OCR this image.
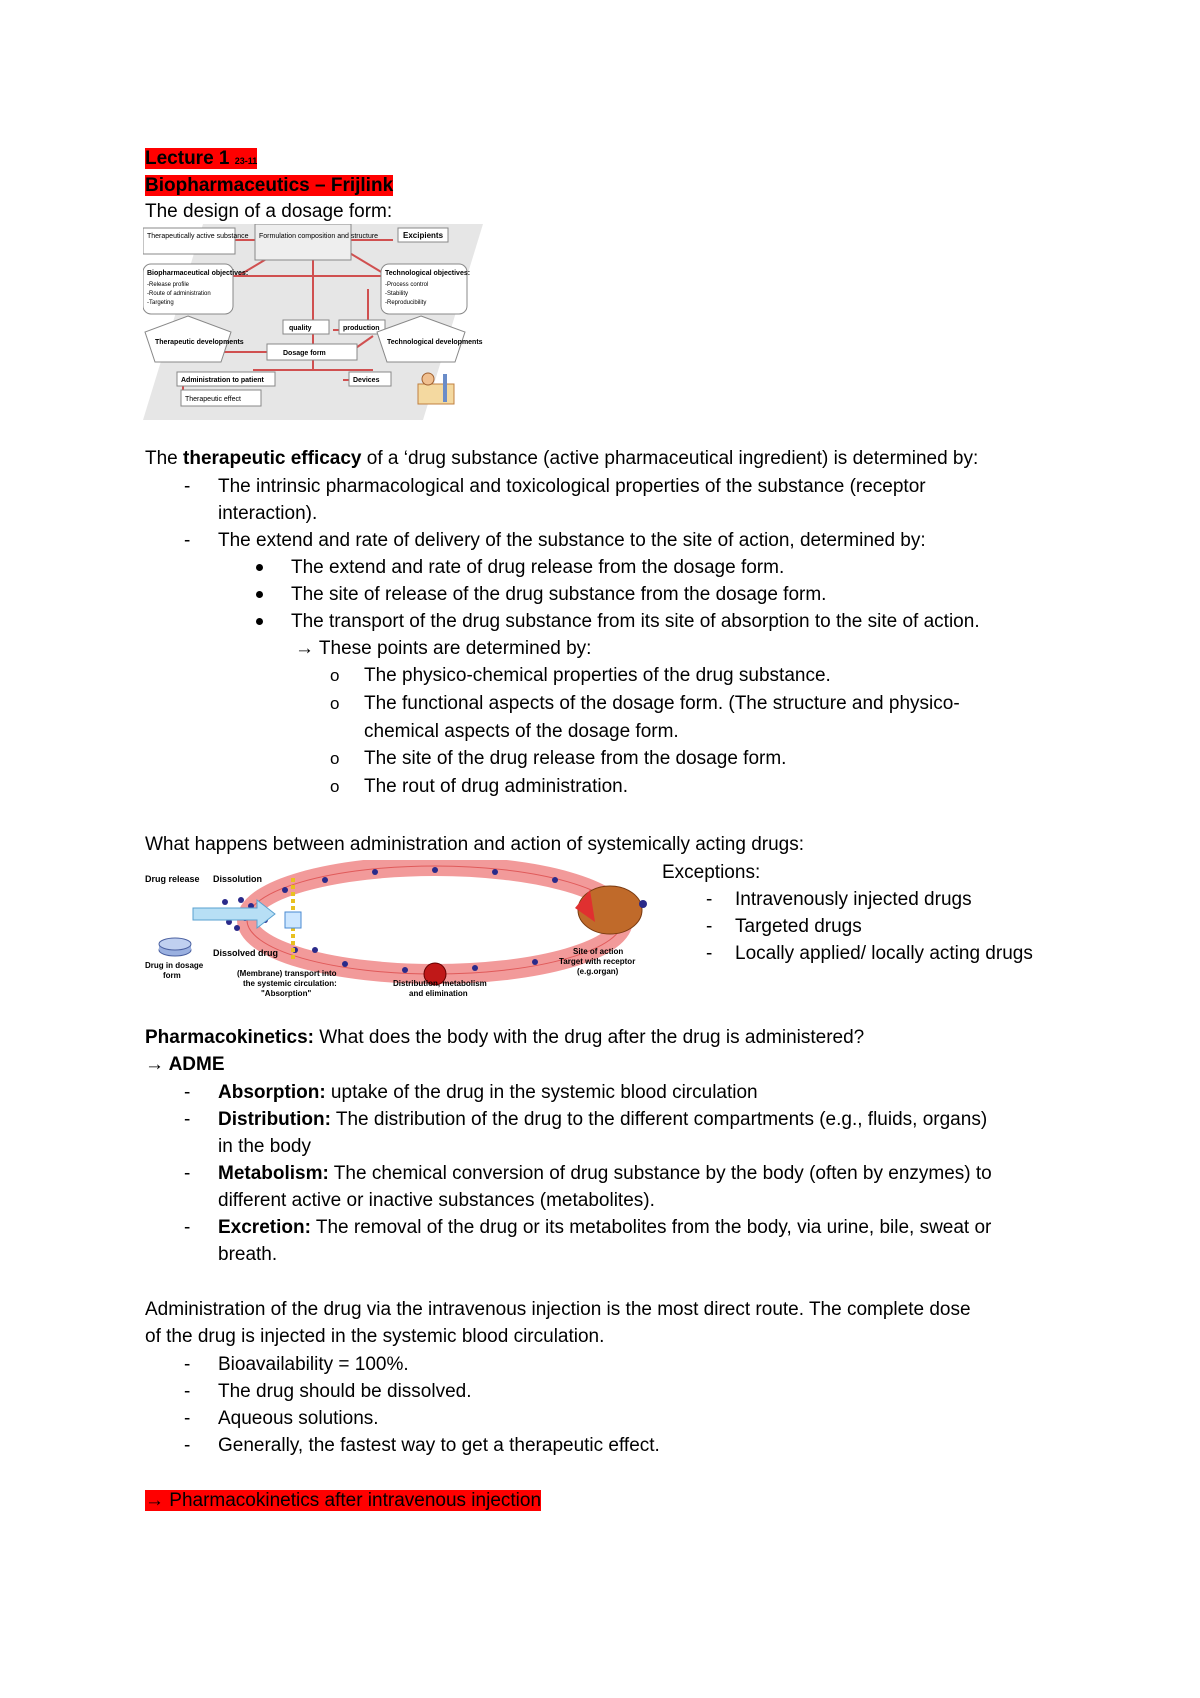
Lecture 1 23-11
Biopharmaceutics – Frijlink
The design of a dosage form:
Therapeutically active substance Formulation composition and structure	Excipients
Biopharmaceutical objectives:
-Release profile
-Route of administration
-Targeting
Technological objectives:
-Process control
-Stability
-Reproducibility
quality	production
Therapeutic developments	Technological developments
Dosage form
Administration to patient	Devices
Therapeutic effect
The therapeutic efficacy of a ‘drug substance (active pharmaceutical ingredient) is determined by:
- The intrinsic pharmacological and toxicological properties of the substance (receptor
interaction).
- The extend and rate of delivery of the substance to the site of action, determined by:
The extend and rate of drug release from the dosage form.
The site of release of the drug substance from the dosage form.
The transport of the drug substance from its site of absorption to the site of action.
→ These points are determined by:
o The physico-chemical properties of the drug substance.
o The functional aspects of the dosage form. (The structure and physico-
chemical aspects of the dosage form.
o The site of the drug release from the dosage form.
o The rout of drug administration.
What happens between administration and action of systemically acting drugs:
Exceptions:
- Intravenously injected drugs
- Targeted drugs
- Locally applied/ locally acting drugs
Drug release Dissolution
Dissolved drug
Drug in dosage
form	(Membrane) transport into
the systemic circulation:
"Absorption"
Distribution, metabolism
and elimination
Site of action
Target with receptor
(e.g.organ)
Pharmacokinetics: What does the body with the drug after the drug is administered?
→ ADME
- Absorption: uptake of the drug in the systemic blood circulation
- Distribution: The distribution of the drug to the different compartments (e.g., fluids, organs)
in the body
- Metabolism: The chemical conversion of drug substance by the body (often by enzymes) to
different active or inactive substances (metabolites).
- Excretion: The removal of the drug or its metabolites from the body, via urine, bile, sweat or
breath.
Administration of the drug via the intravenous injection is the most direct route. The complete dose
of the drug is injected in the systemic blood circulation.
- Bioavailability = 100%.
- The drug should be dissolved.
- Aqueous solutions.
- Generally, the fastest way to get a therapeutic effect.
→ Pharmacokinetics after intravenous injection
